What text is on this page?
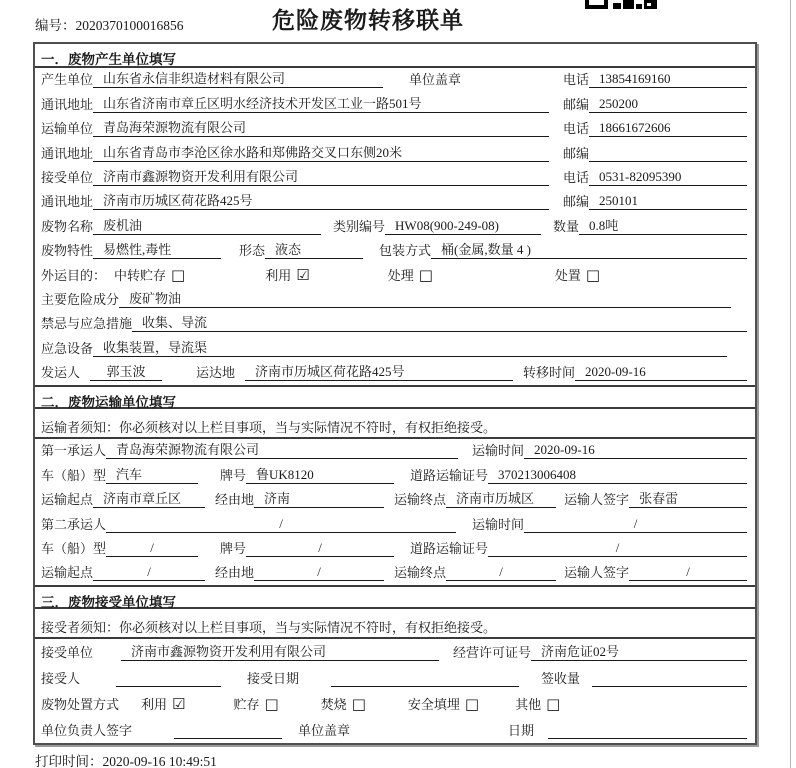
编号：2020370100016856	危险废物转移联单
一．废物产生单位填写
产生单位 山东省永信非织造材料有限公司	单位盖章	电话 13854169160
通讯地址 山东省济南市章丘区明水经济技术开发区工业一路501号	邮编 250200
运输单位 青岛海荣源物流有限公司	电话 18661672606
通讯地址 山东省青岛市李沧区徐水路和郑佛路交叉口东侧20米	邮编
接受单位 济南市鑫源物资开发利用有限公司	电话 0531-82095390
通讯地址 济南市历城区荷花路425号	邮编 250101
废物名称 废机油	类别编号 HW08(900-249-08)	数量 0.8吨
废物特性 易燃性,毒性	形态 液态	包装方式 桶(金属,数量 4 )
外运目的： 中转贮存 □	利用 ☑	处理 □	处置 □
主要危险成分 废矿物油
禁忌与应急措施 收集、导流
应急设备 收集装置，导流渠
发运人	郭玉波	运达地	济南市历城区荷花路425号	转移时间 2020-09-16
二．废物运输单位填写
运输者须知：你必须核对以上栏目事项，当与实际情况不符时，有权拒绝接受。
第一承运人 青岛海荣源物流有限公司	运输时间 2020-09-16
车（船）型 汽车	牌号 鲁UK8120	道路运输证号 370213006408
运输起点 济南市章丘区	经由地 济南	运输终点 济南市历城区	运输人签字 张春雷
第二承运人	/	运输时间	/
车（船）型	/	牌号	/	道路运输证号	/
运输起点	/	经由地	/	运输终点	/	运输人签字	/
三．废物接受单位填写
接受者须知：你必须核对以上栏目事项，当与实际情况不符时，有权拒绝接受。
接受单位	济南市鑫源物资开发利用有限公司	经营许可证号 济南危证02号
接受人	接受日期	签收量
废物处置方式 利用 ☑	贮存 □	焚烧 □	安全填埋 □	其他 □
单位负责人签字	单位盖章	日期
打印时间：2020-09-16 10:49:51
